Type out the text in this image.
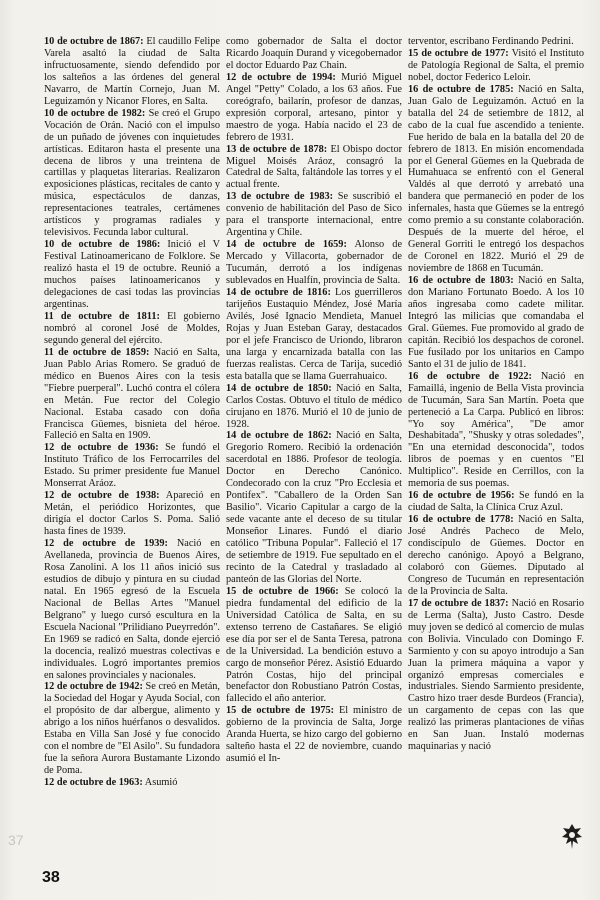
37

10 de octubre de 1867: El caudillo Felipe Varela asaltó la ciudad de Salta infructuosamente, siendo defendido por los salteños a las órdenes del general Navarro, de Martín Cornejo, Juan M. Leguizamón y Nicanor Flores, en Salta.

10 de octubre de 1982: Se creó el Grupo Vocación de Orán. Nació con el impulso de un puñado de jóvenes con inquietudes artísticas. Editaron hasta el presente una decena de libros y una treintena de cartillas y plaquetas literarias. Realizaron exposiciones plásticas, recitales de canto y música, espectáculos de danzas, representaciones teatrales, certámenes artísticos y programas radiales y televisivos. Fecunda labor cultural.

10 de octubre de 1986: Inició el V Festival Latinoamericano de Folklore. Se realizó hasta el 19 de octubre. Reunió a muchos países latinoamericanos y delegaciones de casi todas las provincias argentinas.

11 de octubre de 1811: El gobierno nombró al coronel José de Moldes, segundo general del ejército.

11 de octubre de 1859: Nació en Salta, Juan Pablo Arias Romero. Se graduó de médico en Buenos Aires con la tesis "Fiebre puerperal". Luchó contra el cólera en Metán. Fue rector del Colegio Nacional. Estaba casado con doña Francisca Güemes, bisnieta del héroe. Falleció en Salta en 1909.

12 de octubre de 1936: Se fundó el Instituto Tráfico de los Ferrocarriles del Estado. Su primer presidente fue Manuel Monserrat Aráoz.

12 de octubre de 1938: Apareció en Metán, el periódico Horizontes, que dirigía el doctor Carlos S. Poma. Salió hasta fines de 1939.

12 de octubre de 1939: Nació en Avellaneda, provincia de Buenos Aires, Rosa Zanolini. A los 11 años inició sus estudios de dibujo y pintura en su ciudad natal. En 1965 egresó de la Escuela Nacional de Bellas Artes "Manuel Belgrano" y luego cursó escultura en la Escuela Nacional "Prilidiano Pueyrredón". En 1969 se radicó en Salta, donde ejerció la docencia, realizó muestras colectivas e individuales. Logró importantes premios en salones provinciales y nacionales.

12 de octubre de 1942: Se creó en Metán, la Sociedad del Hogar y Ayuda Social, con el propósito de dar albergue, alimento y abrigo a los niños huérfanos o desvalidos. Estaba en Villa San José y fue conocido con el nombre de "El Asilo". Su fundadora fue la señora Aurora Bustamante Lizondo de Poma.

12 de octubre de 1963: Asumió

como gobernador de Salta el doctor Ricardo Joaquín Durand y vicegobernador el doctor Eduardo Paz Chain.

12 de octubre de 1994: Murió Miguel Angel "Petty" Colado, a los 63 años. Fue coreógrafo, bailarín, profesor de danzas, expresión corporal, artesano, pintor y maestro de yoga. Había nacido el 23 de febrero de 1931.

13 de octubre de 1878: El Obispo doctor Miguel Moisés Aráoz, consagró la Catedral de Salta, faltándole las torres y el actual frente.

13 de octubre de 1983: Se suscribió el convenio de habilitación del Paso de Sico para el transporte internacional, entre Argentina y Chile.

14 de octubre de 1659: Alonso de Mercado y Villacorta, gobernador de Tucumán, derrotó a los indígenas sublevados en Hualfín, provincia de Salta.

14 de octubre de 1816: Los guerrilleros tarijeños Eustaquio Méndez, José María Avilés, José Ignacio Mendieta, Manuel Rojas y Juan Esteban Garay, destacados por el jefe Francisco de Uriondo, libraron una larga y encarnizada batalla con las fuerzas realistas. Cerca de Tarija, sucedió esta batalla que se llama Guerrahuaico.

14 de octubre de 1850: Nació en Salta, Carlos Costas. Obtuvo el título de médico cirujano en 1876. Murió el 10 de junio de 1928.

14 de octubre de 1862: Nació en Salta, Gregorio Romero. Recibió la ordenación sacerdotal en 1886. Profesor de teología. Doctor en Derecho Canónico. Condecorado con la cruz "Pro Ecclesia et Pontifex". "Caballero de la Orden San Basilio". Vicario Capitular a cargo de la sede vacante ante el deceso de su titular Monseñor Linares. Fundó el diario católico "Tribuna Popular". Falleció el 17 de setiembre de 1919. Fue sepultado en el recinto de la Catedral y trasladado al panteón de las Glorias del Norte.

15 de octubre de 1966: Se colocó la piedra fundamental del edificio de la Universidad Católica de Salta, en su extenso terreno de Castañares. Se eligió ese día por ser el de Santa Teresa, patrona de la Universidad. La bendición estuvo a cargo de monseñor Pérez. Asistió Eduardo Patrón Costas, hijo del principal benefactor don Robustiano Patrón Costas, fallecido el año anterior.

15 de octubre de 1975: El ministro de gobierno de la provincia de Salta, Jorge Aranda Huerta, se hizo cargo del gobierno salteño hasta el 22 de noviembre, cuando asumió el In-

terventor, escribano Ferdinando Pedrini.

15 de octubre de 1977: Visitó el Instituto de Patología Regional de Salta, el premio nobel, doctor Federico Leloir.

16 de octubre de 1785: Nació en Salta, Juan Galo de Leguizamón. Actuó en la batalla del 24 de setiembre de 1812, al cabo de la cual fue ascendido a teniente. Fue herido de bala en la batalla del 20 de febrero de 1813. En misión encomendada por el General Güemes en la Quebrada de Humahuaca se enfrentó con el General Valdés al que derrotó y arrebató una bandera que permaneció en poder de los infernales, hasta que Güemes se la entregó como premio a su constante colaboración. Después de la muerte del héroe, el General Gorriti le entregó los despachos de Coronel en 1822. Murió el 29 de noviembre de 1868 en Tucumán.

16 de octubre de 1803: Nació en Salta, don Mariano Fortunato Boedo. A los 10 años ingresaba como cadete militar. Integró las milicias que comandaba el Gral. Güemes. Fue promovido al grado de capitán. Recibió los despachos de coronel. Fue fusilado por los unitarios en Campo Santo el 31 de julio de 1841.

16 de octubre de 1922: Nació en Famaillá, ingenio de Bella Vista provincia de Tucumán, Sara San Martín. Poeta que perteneció a La Carpa. Publicó en libros: "Yo soy América", "De amor Deshabitada", "Shusky y otras soledades", "En una eternidad desconocida", todos libros de poemas y en cuentos "El Multiplico". Reside en Cerrillos, con la memoria de sus poemas.

16 de octubre de 1956: Se fundó en la ciudad de Salta, la Clínica Cruz Azul.

16 de octubre de 1778: Nació en Salta, José Andrés Pacheco de Melo, condiscípulo de Güemes. Doctor en derecho canónigo. Apoyó a Belgrano, colaboró con Güemes. Diputado al Congreso de Tucumán en representación de la Provincia de Salta.

17 de octubre de 1837: Nació en Rosario de Lerma (Salta), Justo Castro. Desde muy joven se dedicó al comercio de mulas con Bolivia. Vinculado con Domingo F. Sarmiento y con su apoyo introdujo a San Juan la primera máquina a vapor y organizó empresas comerciales e industriales. Siendo Sarmiento presidente, Castro hizo traer desde Burdeos (Francia), un cargamento de cepas con las que realizó las primeras plantaciones de viñas en San Juan. Instaló modernas maquinarias y nació

38
